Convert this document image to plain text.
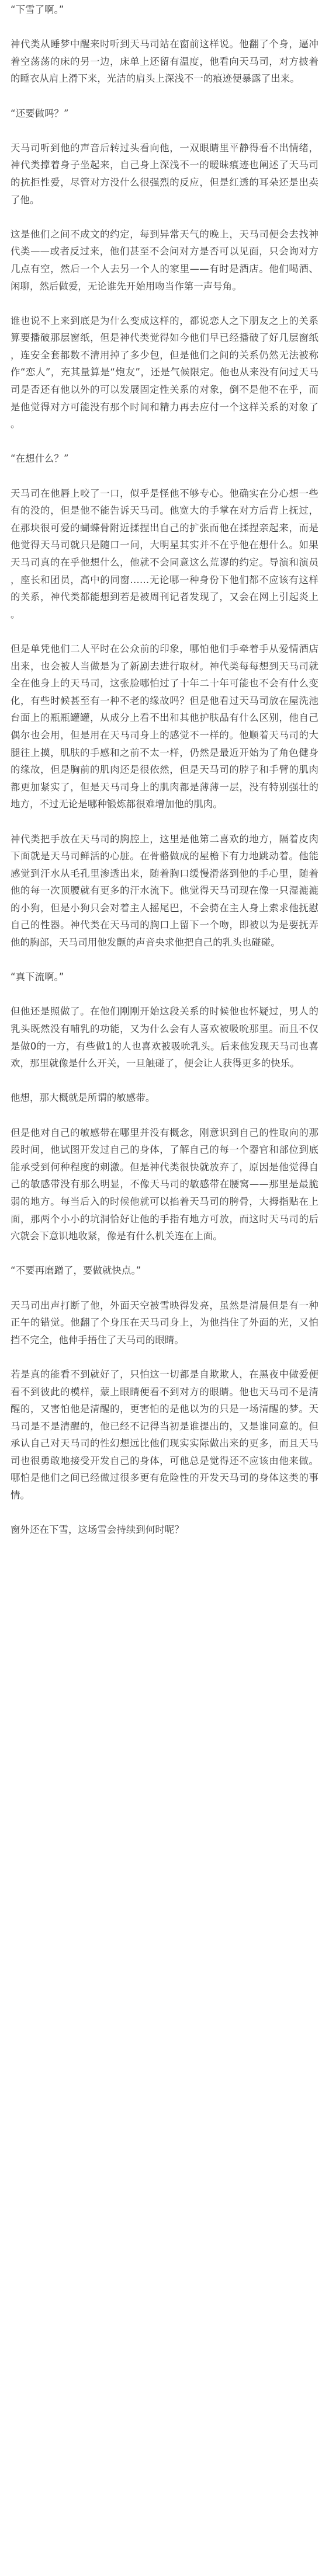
“下雪了啊。”

神代类从睡梦中醒来时听到天马司站在窗前这样说。他翻了个身，逼冲着空荡荡的床的另一边，床单上还留有温度，他看向天马司，对方披着的睡衣从肩上滑下来，光洁的肩头上深浅不一的痕迹便暴露了出来。

“还要做吗？”

天马司听到他的声音后转过头看向他，一双眼睛里平静得看不出情绪，神代类撑着身子坐起来，自己身上深浅不一的暧昧痕迹也阐述了天马司的抗拒性爱，尽管对方没什么很强烈的反应，但是红透的耳朵还是出卖了他。

这是他们之间不成文的约定，每到异常天气的晚上，天马司便会去找神代类——或者反过来，他们甚至不会问对方是否可以见面，只会询对方几点有空，然后一个人去另一个人的家里——有时是酒店。他们喝酒、闲聊，然后做爱，无论谁先开始用吻当作第一声号角。

谁也说不上来到底是为什么变成这样的，都说恋人之下朋友之上的关系算要播破那层窗纸，但是神代类觉得如今他们早已经播破了好几层窗纸，连安全套都数不清用掉了多少包，但是他们之间的关系仍然无法被称作“恋人”，充其量算是“炮友”，还是气候限定。他也从来没有问过天马司是否还有他以外的可以发展固定性关系的对象，倒不是他不在乎，而是他觉得对方可能没有那个时间和精力再去应付一个这样关系的对象了。

“在想什么？”

天马司在他唇上咬了一口，似乎是怪他不够专心。他确实在分心想一些有的没的，但是他不能告诉天马司。他宽大的手掌在对方后背上抚过，在那块很可爱的蝴蝶骨附近揉捏出自己的扩张而他在揉捏亲起来，而是他觉得天马司就只是随口一问，大明星其实并不在乎他在想什么。如果天马司真的在乎他想什么，他就不会同意这么荒谬的约定。导演和演员，座长和团员，高中的同窗……无论哪一种身份下他们都不应该有这样的关系，神代类都能想到若是被周刊记者发现了，又会在网上引起炎上。

但是单凭他们二人平时在公众前的印象，哪怕他们手牵着手从爱情酒店出来，也会被人当做是为了新剧去进行取材。神代类每每想到天马司就全在他身上的天马司，这张脸哪怕过了十年二十年可能也不会有什么变化，有些时候甚至有一种不老的缘故吗？但是他看过天马司放在屋洗池台面上的瓶瓶罐罐，从成分上看不出和其他护肤品有什么区别，他自己偶尔也会用，但是用在天马司身上的感觉不一样的。他顺着天马司的大腿往上摸，肌肤的手感和之前不太一样，仍然是最近开始为了角色健身的缘故，但是胸前的肌肉还是很依然，但是天马司的脖子和手臂的肌肉都更加紧实了，但是天马司身上的肌肉都是薄薄一层，没有特别强壮的地方，不过无论是哪种锻炼都很难增加他的肌肉。

神代类把手放在天马司的胸腔上，这里是他第二喜欢的地方，隔着皮肉下面就是天马司鲜活的心脏。在骨骼做成的屋檐下有力地跳动着。他能感觉到汗水从毛孔里渗透出来，随着胸口缓慢滑落到他的手心里，随着他的每一次顶腰就有更多的汗水流下。他觉得天马司现在像一只湿漉漉的小狗，但是小狗只会对着主人摇尾巴，不会骑在主人身上索求他抚慰自己的性器。神代类在天马司的胸口上留下一个吻，即被以为是要抚弄他的胸部，天马司用他发颤的声音央求他把自己的乳头也碰碰。

“真下流啊。”

但他还是照做了。在他们刚刚开始这段关系的时候他也怀疑过，男人的乳头既然没有哺乳的功能，又为什么会有人喜欢被吸吮那里。而且不仅是做0的一方，有些做1的人也喜欢被吸吮乳头。后来他发现天马司也喜欢，那里就像是什么开关，一旦触碰了，便会让人获得更多的快乐。

他想，那大概就是所谓的敏感带。

但是他对自己的敏感带在哪里并没有概念，刚意识到自己的性取向的那段时间，他试图开发过自己的身体，了解自己的每一个器官和部位到底能承受到何种程度的刺激。但是神代类很快就放弃了，原因是他觉得自己的敏感带没有那么明显，不像天马司的敏感带在腰窝——那里是最脆弱的地方。每当后入的时候他就可以掐着天马司的胯骨，大拇指贴在上面，那两个小小的坑洞恰好让他的手指有地方可放，而这时天马司的后穴就会下意识地收紧，像是有什么机关连在上面。

“不要再磨蹭了，要做就快点。”

天马司出声打断了他，外面天空被雪映得发亮，虽然是清晨但是有一种正午的错觉。他翻了个身压在天马司身上，为他挡住了外面的光，又怕挡不完全，他伸手捂住了天马司的眼睛。

若是真的能看不到就好了，只怕这一切都是自欺欺人，在黑夜中做爱便看不到彼此的模样，蒙上眼睛便看不到对方的眼睛。他也天马司不是清醒的，又害怕他是清醒的，更害怕的是他以为的只是一场清醒的梦。天马司是不是清醒的，他已经不记得当初是谁提出的，又是谁同意的。但承认自己对天马司的性幻想远比他们现实实际做出来的更多，而且天马司也很勇敢地接受开发自己的身体，可他总是觉得还不应该由他来做。哪怕是他们之间已经做过很多更有危险性的开发天马司的身体这类的事情。

窗外还在下雪，这场雪会持续到何时呢？
